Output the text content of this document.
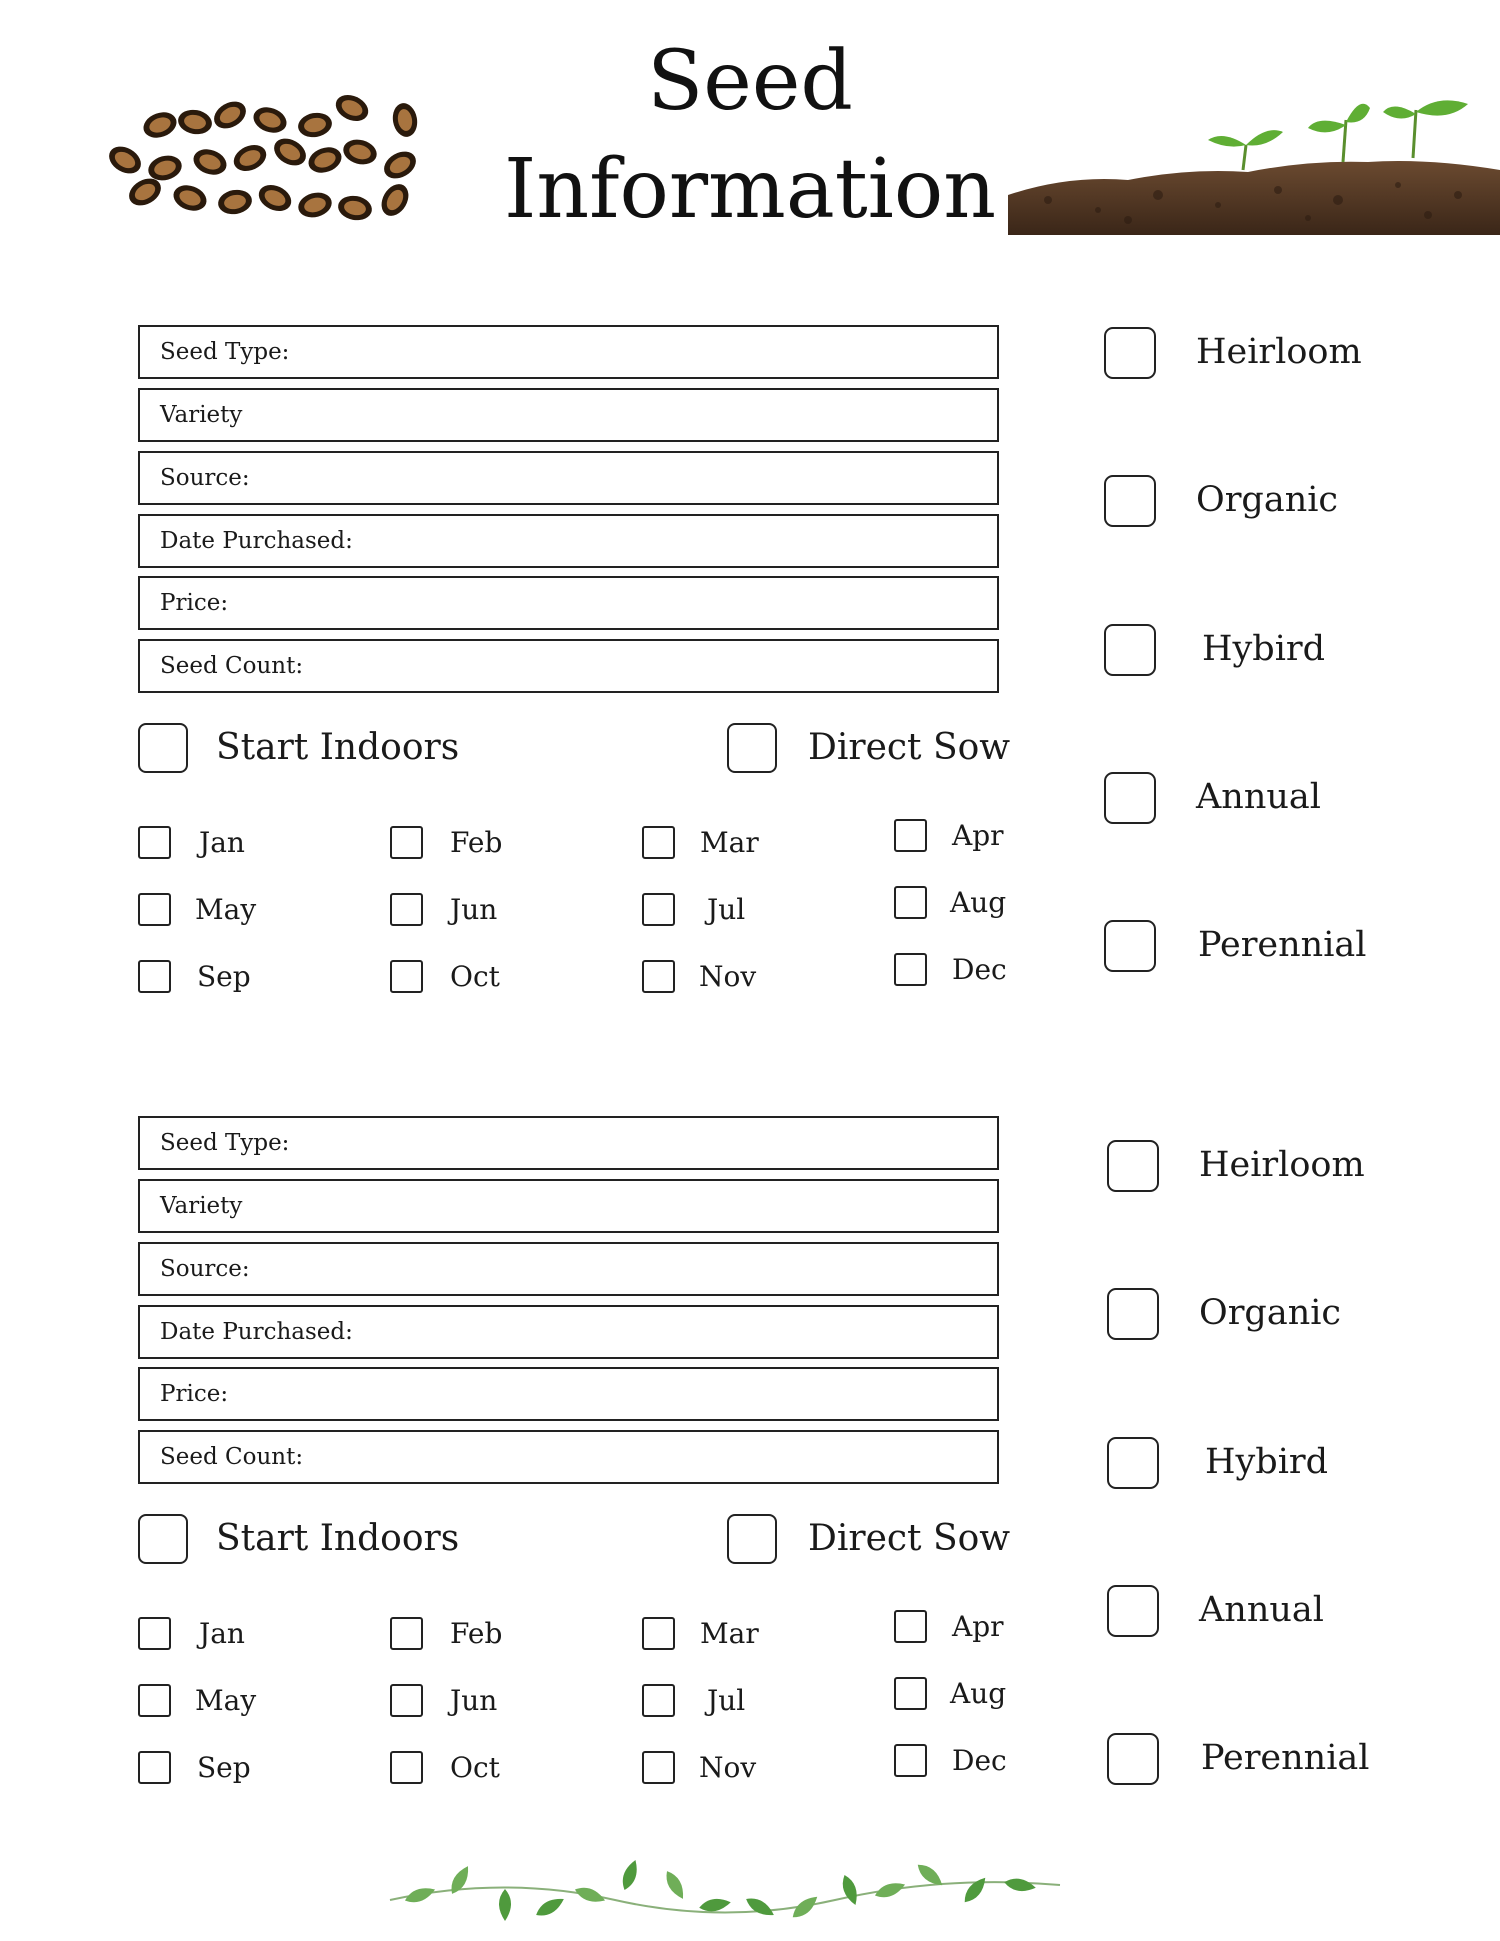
Seed
Information
Seed Type:
Variety
Source:
Date Purchased:
Price:
Seed Count:
Start Indoors	Direct Sow
Jan	Feb	Mar	Apr
May	Jun	Jul	Aug
Sep	Oct	Nov	Dec
Heirloom
Organic
Hybird
Annual
Perennial
Seed Type:
Variety
Source:
Date Purchased:
Price:
Seed Count:
Start Indoors	Direct Sow
Jan	Feb	Mar	Apr
May	Jun	Jul	Aug
Sep	Oct	Nov	Dec
Heirloom
Organic
Hybird
Annual
Perennial
